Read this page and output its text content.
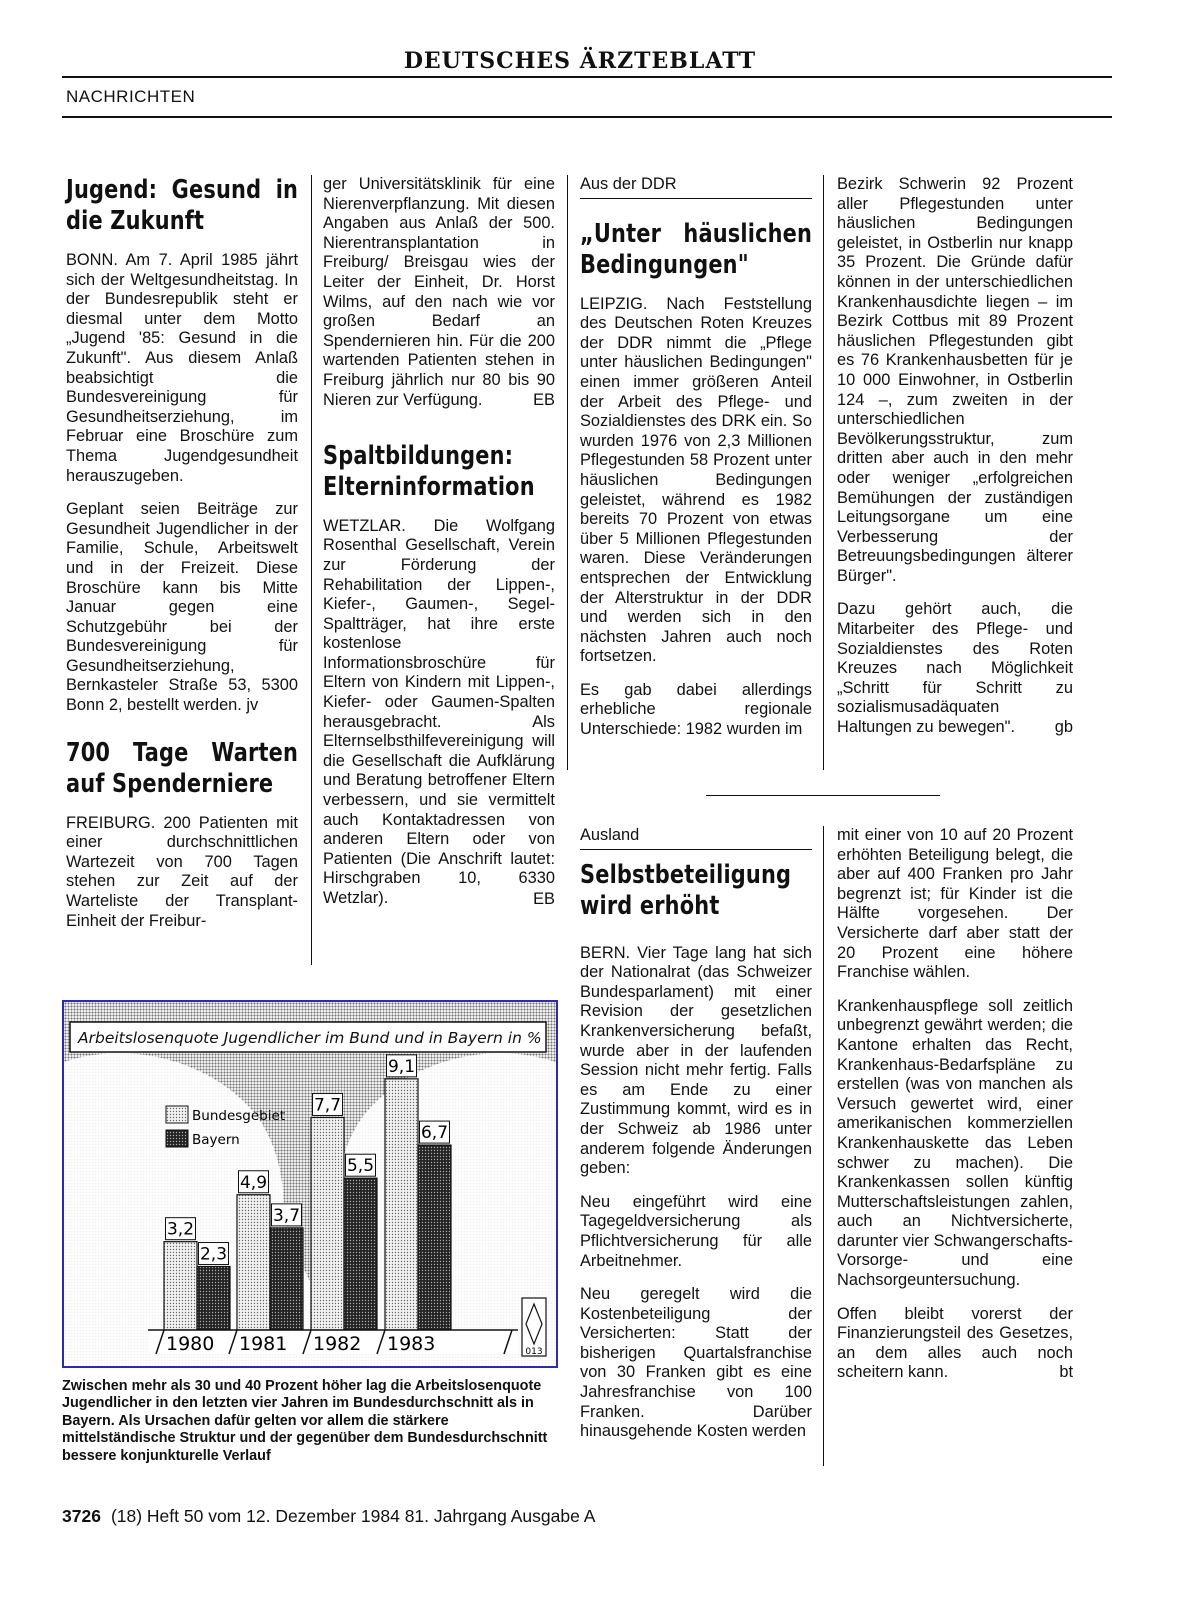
DEUTSCHES ÄRZTEBLATT
NACHRICHTEN
Jugend: Gesund in die Zukunft

BONN. Am 7. April 1985 jährt sich der Weltgesundheitstag. In der Bundesrepublik steht er diesmal unter dem Motto „Jugend '85: Gesund in die Zukunft". Aus diesem Anlaß beabsichtigt die Bundesvereinigung für Gesundheitserziehung, im Februar eine Broschüre zum Thema Jugendgesundheit herauszugeben.

Geplant seien Beiträge zur Gesundheit Jugendlicher in der Familie, Schule, Arbeitswelt und in der Freizeit. Diese Broschüre kann bis Mitte Januar gegen eine Schutzgebühr bei der Bundesvereinigung für Gesundheitserziehung, Bernkasteler Straße 53, 5300 Bonn 2, bestellt werden. jv

700 Tage Warten auf Spenderniere

FREIBURG. 200 Patienten mit einer durchschnittlichen Wartezeit von 700 Tagen stehen zur Zeit auf der Warteliste der Transplant-Einheit der Freibur-

ger Universitätsklinik für eine Nierenverpflanzung. Mit diesen Angaben aus Anlaß der 500. Nierentransplantation in Freiburg/ Breisgau wies der Leiter der Einheit, Dr. Horst Wilms, auf den nach wie vor großen Bedarf an Spendernieren hin. Für die 200 wartenden Patienten stehen in Freiburg jährlich nur 80 bis 90 Nieren zur Verfügung.	EB
Spaltbildungen: Elterninformation

WETZLAR. Die Wolfgang Rosenthal Gesellschaft, Verein zur Förderung der Rehabilitation der Lippen-, Kiefer-, Gaumen-, Segel-Spaltträger, hat ihre erste kostenlose Informationsbroschüre für Eltern von Kindern mit Lippen-, Kiefer- oder Gaumen-Spalten herausgebracht. Als Elternselbsthilfevereinigung will die Gesellschaft die Aufklärung und Beratung betroffener Eltern verbessern, und sie vermittelt auch Kontaktadressen von anderen Eltern oder von Patienten (Die Anschrift lautet: Hirschgraben 10, 6330 Wetzlar).	EB
Aus der DDR
„Unter häuslichen Bedingungen"

LEIPZIG. Nach Feststellung des Deutschen Roten Kreuzes der DDR nimmt die „Pflege unter häuslichen Bedingungen" einen immer größeren Anteil der Arbeit des Pflege- und Sozialdienstes des DRK ein. So wurden 1976 von 2,3 Millionen Pflegestunden 58 Prozent unter häuslichen Bedingungen geleistet, während es 1982 bereits 70 Prozent von etwas über 5 Millionen Pflegestunden waren. Diese Veränderungen entsprechen der Entwicklung der Alterstruktur in der DDR und werden sich in den nächsten Jahren auch noch fortsetzen.

Es gab dabei allerdings erhebliche regionale Unterschiede: 1982 wurden im

Bezirk Schwerin 92 Prozent aller Pflegestunden unter häuslichen Bedingungen geleistet, in Ostberlin nur knapp 35 Prozent. Die Gründe dafür können in der unterschiedlichen Krankenhausdichte liegen – im Bezirk Cottbus mit 89 Prozent häuslichen Pflegestunden gibt es 76 Krankenhausbetten für je 10 000 Einwohner, in Ostberlin 124 –, zum zweiten in der unterschiedlichen Bevölkerungsstruktur, zum dritten aber auch in den mehr oder weniger „erfolgreichen Bemühungen der zuständigen Leitungsorgane um eine Verbesserung der Betreuungsbedingungen älterer Bürger".

Dazu gehört auch, die Mitarbeiter des Pflege- und Sozialdienstes des Roten Kreuzes nach Möglichkeit „Schritt für Schritt zu sozialismusadäquaten Haltungen zu bewegen".	gb
Ausland
Selbstbeteiligung wird erhöht

BERN. Vier Tage lang hat sich der Nationalrat (das Schweizer Bundesparlament) mit einer Revision der gesetzlichen Krankenversicherung befaßt, wurde aber in der laufenden Session nicht mehr fertig. Falls es am Ende zu einer Zustimmung kommt, wird es in der Schweiz ab 1986 unter anderem folgende Änderungen geben:

Neu eingeführt wird eine Tagegeldversicherung als Pflichtversicherung für alle Arbeitnehmer.

Neu geregelt wird die Kostenbeteiligung der Versicherten: Statt der bisherigen Quartalsfranchise von 30 Franken gibt es eine Jahresfranchise von 100 Franken. Darüber hinausgehende Kosten werden

mit einer von 10 auf 20 Prozent erhöhten Beteiligung belegt, die aber auf 400 Franken pro Jahr begrenzt ist; für Kinder ist die Hälfte vorgesehen. Der Versicherte darf aber statt der 20 Prozent eine höhere Franchise wählen.

Krankenhauspflege soll zeitlich unbegrenzt gewährt werden; die Kantone erhalten das Recht, Krankenhaus-Bedarfspläne zu erstellen (was von manchen als Versuch gewertet wird, einer amerikanischen kommerziellen Krankenhauskette das Leben schwer zu machen). Die Krankenkassen sollen künftig Mutterschaftsleistungen zahlen, auch an Nichtversicherte, darunter vier Schwangerschafts-Vorsorge- und eine Nachsorgeuntersuchung.

Offen bleibt vorerst der Finanzierungsteil des Gesetzes, an dem alles auch noch scheitern kann.	bt
Arbeitslosenquote Jugendlicher im Bund und in Bayern in %
Bundesgebiet
Bayern
3,2
4,9
7,7
9,1
2,3
3,7
5,5
6,7
1980 1981 1982 1983	013
Zwischen mehr als 30 und 40 Prozent höher lag die Arbeitslosenquote Jugendlicher in den letzten vier Jahren im Bundesdurchschnitt als in Bayern. Als Ursachen dafür gelten vor allem die stärkere mittelständische Struktur und der gegenüber dem Bundesdurchschnitt bessere konjunkturelle Verlauf
3726 (18) Heft 50 vom 12. Dezember 1984 81. Jahrgang Ausgabe A
